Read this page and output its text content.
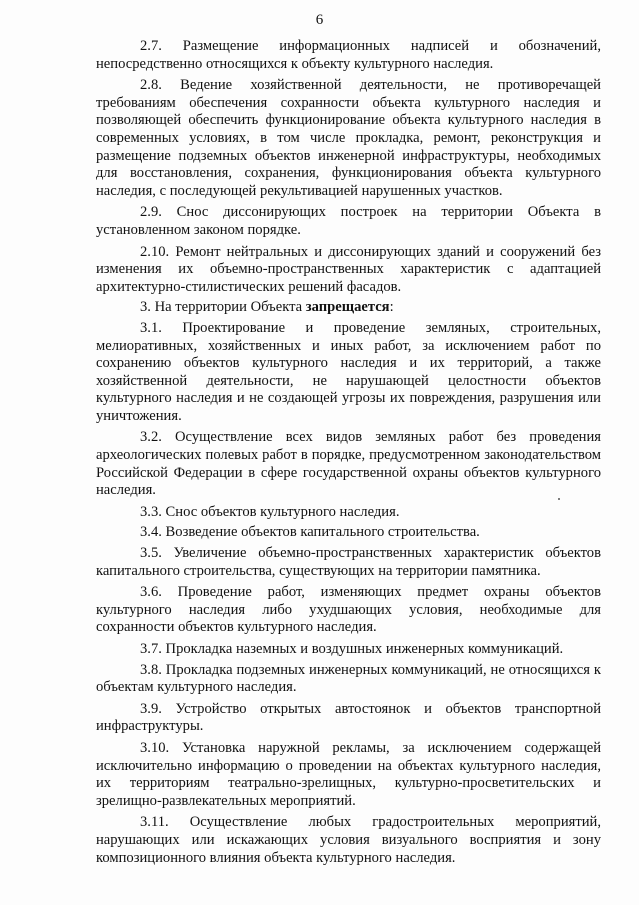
6

2.7. Размещение информационных надписей и обозначений, непосредственно относящихся к объекту культурного наследия.

2.8. Ведение хозяйственной деятельности, не противоречащей требованиям обеспечения сохранности объекта культурного наследия и позволяющей обеспечить функционирование объекта культурного наследия в современных условиях, в том числе прокладка, ремонт, реконструкция и размещение подземных объектов инженерной инфраструктуры, необходимых для восстановления, сохранения, функционирования объекта культурного наследия, с последующей рекультивацией нарушенных участков.

2.9. Снос диссонирующих построек на территории Объекта в установленном законом порядке.

2.10. Ремонт нейтральных и диссонирующих зданий и сооружений без изменения их объемно-пространственных характеристик с адаптацией архитектурно-стилистических решений фасадов.

3. На территории Объекта запрещается:

3.1. Проектирование и проведение земляных, строительных, мелиоративных, хозяйственных и иных работ, за исключением работ по сохранению объектов культурного наследия и их территорий, а также хозяйственной деятельности, не нарушающей целостности объектов культурного наследия и не создающей угрозы их повреждения, разрушения или уничтожения.

3.2. Осуществление всех видов земляных работ без проведения археологических полевых работ в порядке, предусмотренном законодательством Российской Федерации в сфере государственной охраны объектов культурного наследия.

3.3. Снос объектов культурного наследия.

3.4. Возведение объектов капитального строительства.

3.5. Увеличение объемно-пространственных характеристик объектов капитального строительства, существующих на территории памятника.

3.6. Проведение работ, изменяющих предмет охраны объектов культурного наследия либо ухудшающих условия, необходимые для сохранности объектов культурного наследия.

3.7. Прокладка наземных и воздушных инженерных коммуникаций.

3.8. Прокладка подземных инженерных коммуникаций, не относящихся к объектам культурного наследия.

3.9. Устройство открытых автостоянок и объектов транспортной инфраструктуры.

3.10. Установка наружной рекламы, за исключением содержащей исключительно информацию о проведении на объектах культурного наследия, их территориям театрально-зрелищных, культурно-просветительских и зрелищно-развлекательных мероприятий.

3.11. Осуществление любых градостроительных мероприятий, нарушающих или искажающих условия визуального восприятия и зону композиционного влияния объекта культурного наследия.
